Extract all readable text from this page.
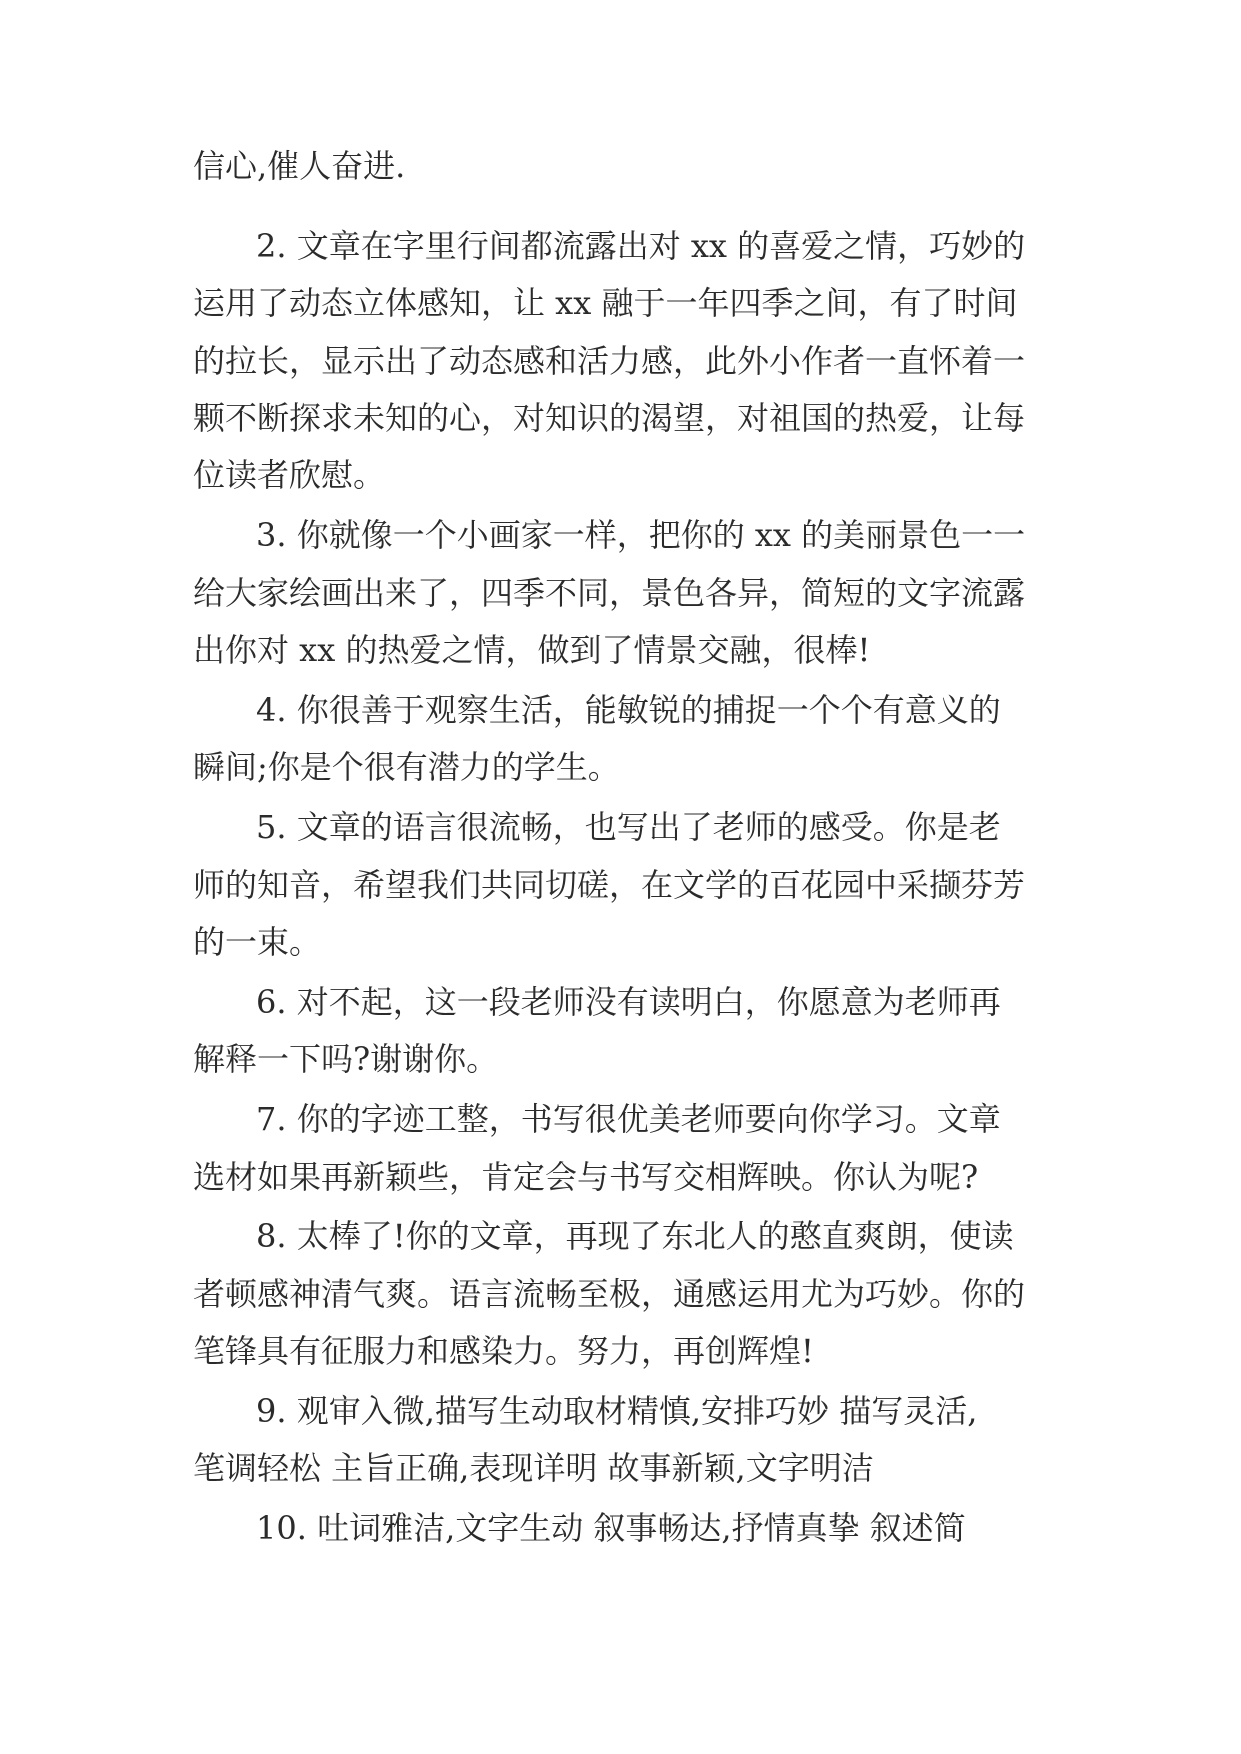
信心,催人奋进.
2. 文章在字里行间都流露出对 xx 的喜爱之情，巧妙的
运用了动态立体感知，让 xx 融于一年四季之间，有了时间
的拉长，显示出了动态感和活力感，此外小作者一直怀着一
颗不断探求未知的心，对知识的渴望，对祖国的热爱，让每
位读者欣慰。
3. 你就像一个小画家一样，把你的 xx 的美丽景色一一
给大家绘画出来了，四季不同，景色各异，简短的文字流露
出你对 xx 的热爱之情，做到了情景交融，很棒!
4. 你很善于观察生活，能敏锐的捕捉一个个有意义的
瞬间;你是个很有潜力的学生。
5. 文章的语言很流畅，也写出了老师的感受。你是老
师的知音，希望我们共同切磋，在文学的百花园中采撷芬芳
的一束。
6. 对不起，这一段老师没有读明白，你愿意为老师再
解释一下吗?谢谢你。
7. 你的字迹工整，书写很优美老师要向你学习。文章
选材如果再新颖些，肯定会与书写交相辉映。你认为呢?
8. 太棒了!你的文章，再现了东北人的憨直爽朗，使读
者顿感神清气爽。语言流畅至极，通感运用尤为巧妙。你的
笔锋具有征服力和感染力。努力，再创辉煌!
9. 观审入微,描写生动取材精慎,安排巧妙 描写灵活,
笔调轻松 主旨正确,表现详明 故事新颖,文字明洁
10. 吐词雅洁,文字生动 叙事畅达,抒情真挚 叙述简
